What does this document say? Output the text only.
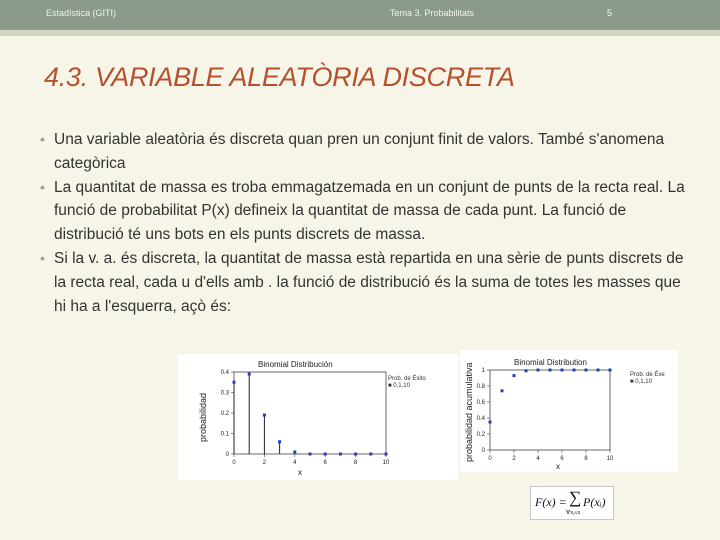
Estadística (GITI)	Tema 3. Probabilitats	5
4.3. VARIABLE ALEATÒRIA DISCRETA
• Una variable aleatòria és discreta quan pren un conjunt finit de valors. També s'anomena categòrica
• La quantitat de massa es troba emmagatzemada en un conjunt de punts de la recta real. La funció de probabilitat P(x) defineix la quantitat de massa de cada punt. La funció de distribució té uns bots en els punts discrets de massa.
• Si la v. a. és discreta, la quantitat de massa està repartida en una sèrie de punts discrets de la recta real, cada u d'ells amb . la funció de distribució és la suma de totes les masses que hi ha a l'esquerra, açò és:
Binomial Distribución
Prob. de Éxito
■ 0,1,10
probabilidad
x
0	2	4	6	8	10
0
0.1
0.2
0.3
0.4
Binomial Distribution
Prob. de Éxe
■ 0,1,10
probabilidad acumulativa
x
0	2	4	6	8	10
0
0.2
0.4
0.6
0.8
1
F(x) = ∑
∀xᵢ≤x
P(xᵢ)
